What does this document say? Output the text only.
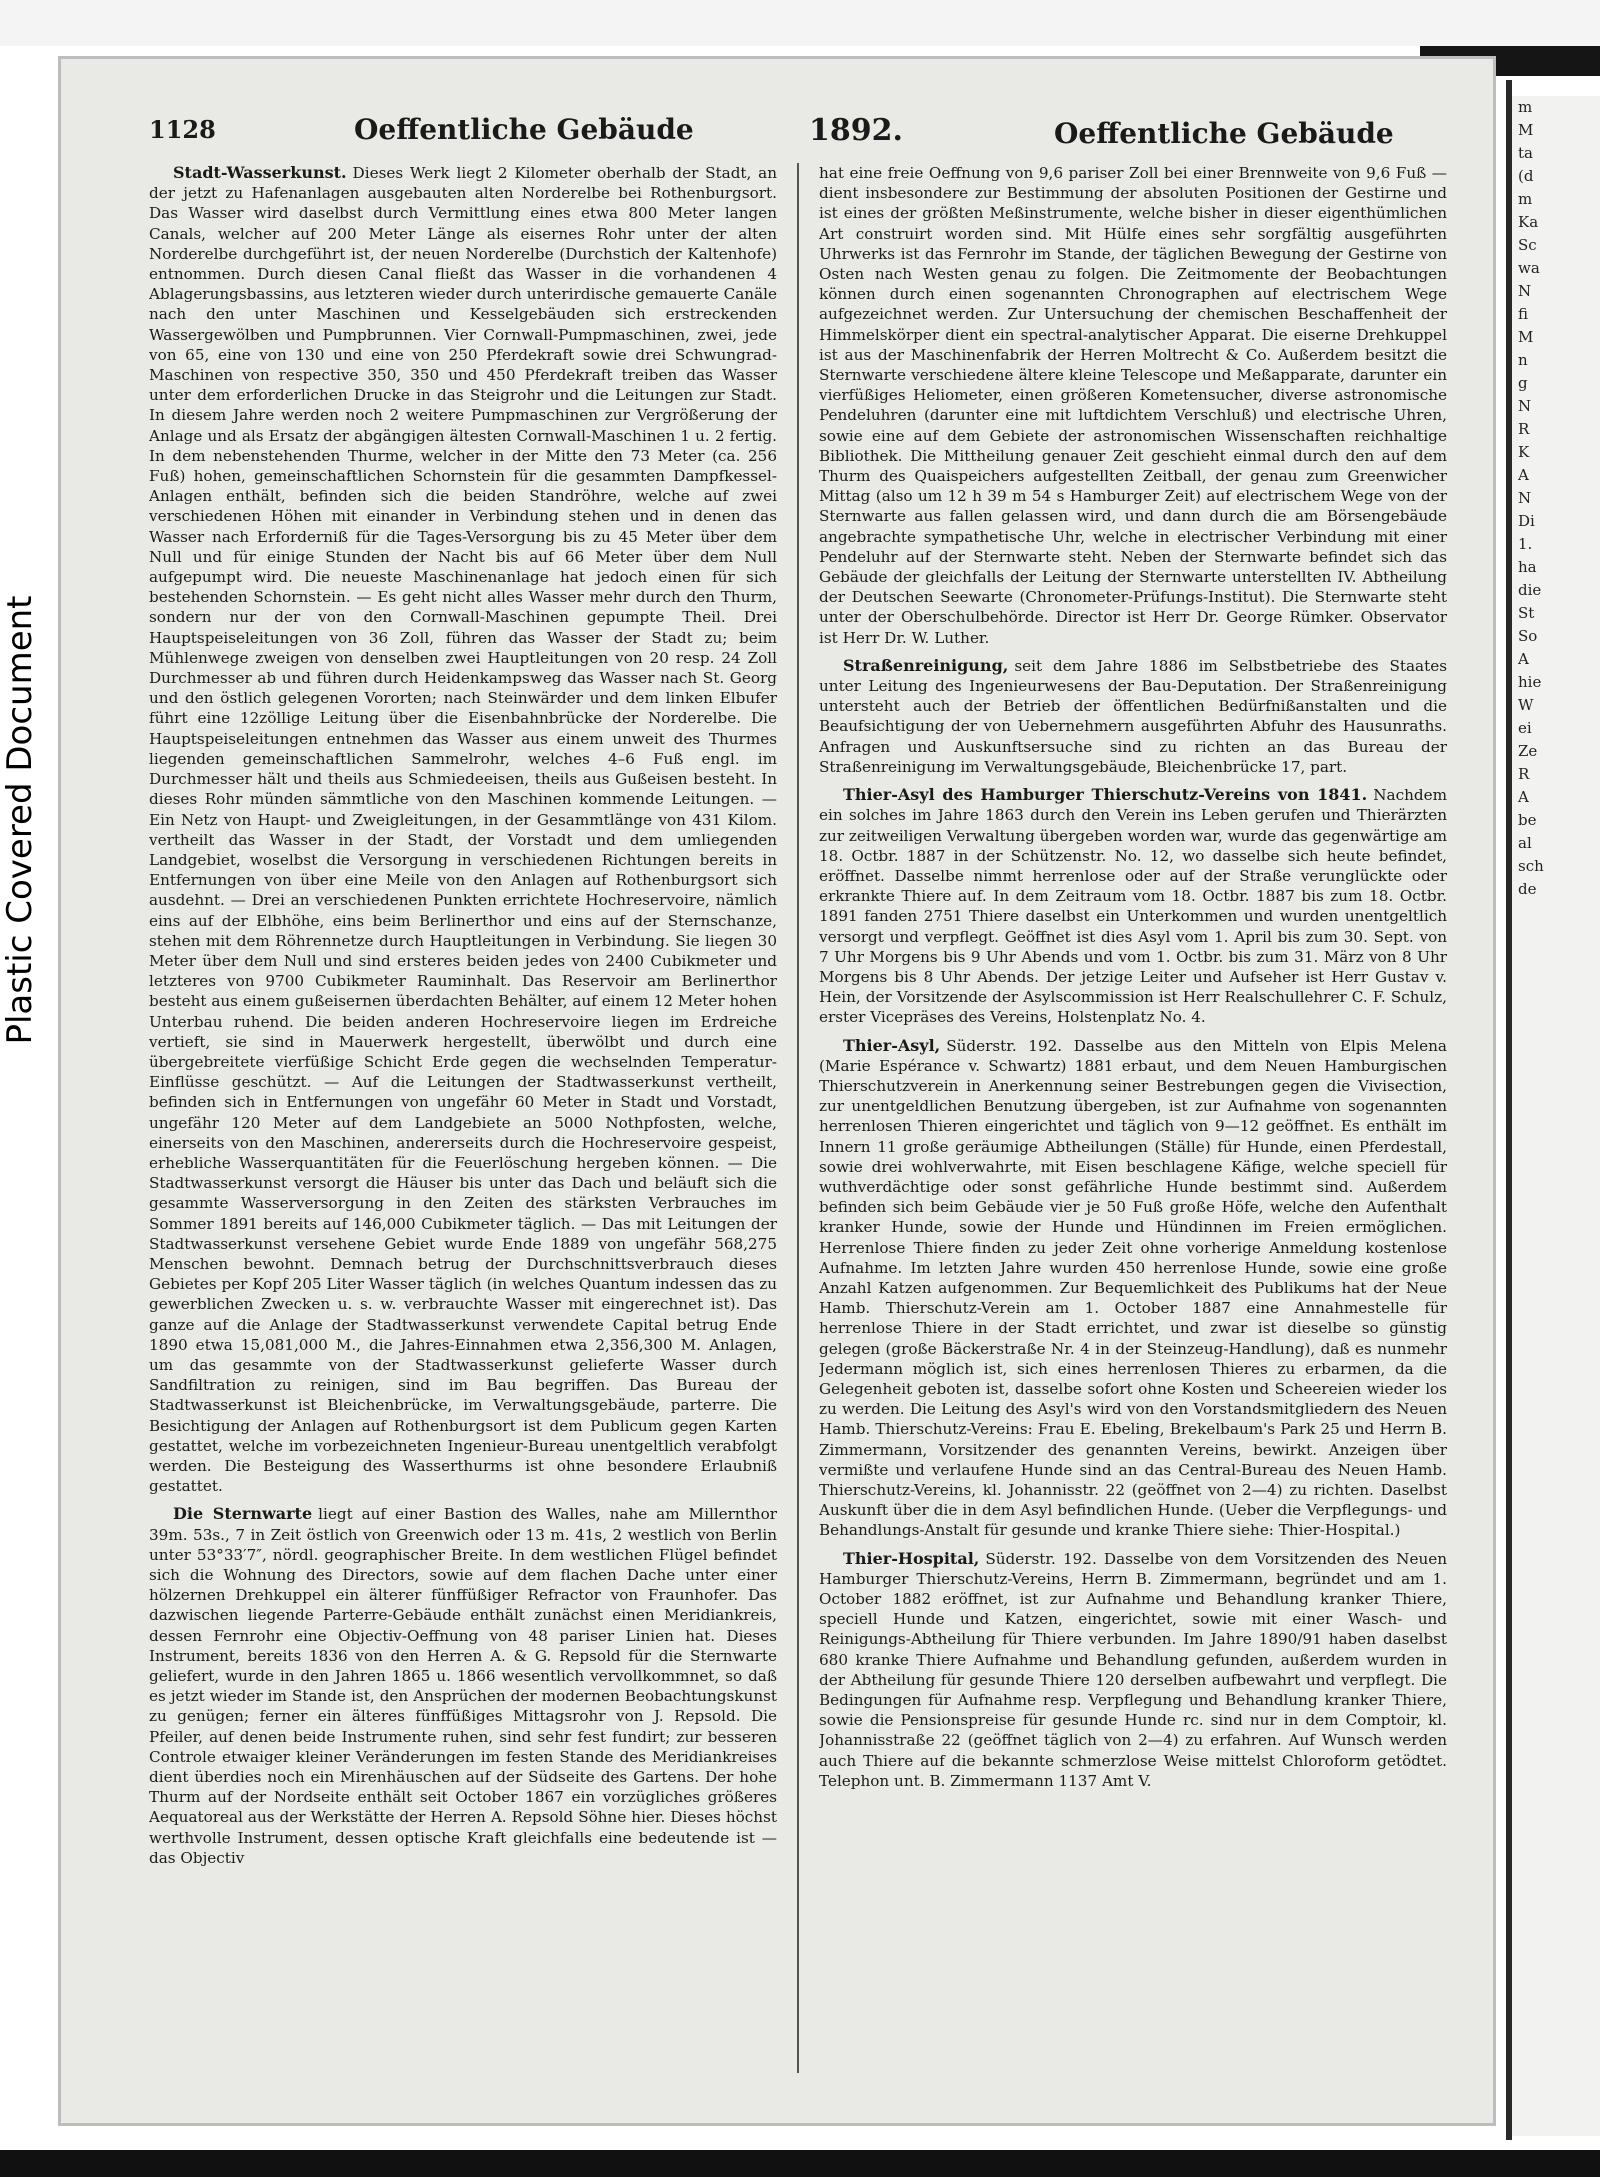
Plastic Covered Document
1128	Oeffentliche Gebäude	1892.	Oeffentliche Gebäude

Stadt-Wasserkunst. Dieses Werk liegt 2 Kilometer oberhalb der Stadt, an der jetzt zu Hafenanlagen ausgebauten alten Norderelbe bei Rothenburgsort. Das Wasser wird daselbst durch Vermittlung eines etwa 800 Meter langen Canals, welcher auf 200 Meter Länge als eisernes Rohr unter der alten Norderelbe durchgeführt ist, der neuen Norderelbe (Durchstich der Kaltenhofe) entnommen. Durch diesen Canal fließt das Wasser in die vorhandenen 4 Ablagerungsbassins, aus letzteren wieder durch unterirdische gemauerte Canäle nach den unter Maschinen und Kesselgebäuden sich erstreckenden Wassergewölben und Pumpbrunnen. Vier Cornwall-Pumpmaschinen, zwei, jede von 65, eine von 130 und eine von 250 Pferdekraft sowie drei Schwungrad-Maschinen von respective 350, 350 und 450 Pferdekraft treiben das Wasser unter dem erforderlichen Drucke in das Steigrohr und die Leitungen zur Stadt. In diesem Jahre werden noch 2 weitere Pumpmaschinen zur Vergrößerung der Anlage und als Ersatz der abgängigen ältesten Cornwall-Maschinen 1 u. 2 fertig. In dem nebenstehenden Thurme, welcher in der Mitte den 73 Meter (ca. 256 Fuß) hohen, gemeinschaftlichen Schornstein für die gesammten Dampfkessel-Anlagen enthält, befinden sich die beiden Standröhre, welche auf zwei verschiedenen Höhen mit einander in Verbindung stehen und in denen das Wasser nach Erforderniß für die Tages-Versorgung bis zu 45 Meter über dem Null und für einige Stunden der Nacht bis auf 66 Meter über dem Null aufgepumpt wird. Die neueste Maschinenanlage hat jedoch einen für sich bestehenden Schornstein. — Es geht nicht alles Wasser mehr durch den Thurm, sondern nur der von den Cornwall-Maschinen gepumpte Theil. Drei Hauptspeiseleitungen von 36 Zoll, führen das Wasser der Stadt zu; beim Mühlenwege zweigen von denselben zwei Hauptleitungen von 20 resp. 24 Zoll Durchmesser ab und führen durch Heidenkampsweg das Wasser nach St. Georg und den östlich gelegenen Vororten; nach Steinwärder und dem linken Elbufer führt eine 12zöllige Leitung über die Eisenbahnbrücke der Norderelbe. Die Hauptspeiseleitungen entnehmen das Wasser aus einem unweit des Thurmes liegenden gemeinschaftlichen Sammelrohr, welches 4–6 Fuß engl. im Durchmesser hält und theils aus Schmiedeeisen, theils aus Gußeisen besteht. In dieses Rohr münden sämmtliche von den Maschinen kommende Leitungen. — Ein Netz von Haupt- und Zweigleitungen, in der Gesammtlänge von 431 Kilom. vertheilt das Wasser in der Stadt, der Vorstadt und dem umliegenden Landgebiet, woselbst die Versorgung in verschiedenen Richtungen bereits in Entfernungen von über eine Meile von den Anlagen auf Rothenburgsort sich ausdehnt. — Drei an verschiedenen Punkten errichtete Hochreservoire, nämlich eins auf der Elbhöhe, eins beim Berlinerthor und eins auf der Sternschanze, stehen mit dem Röhrennetze durch Hauptleitungen in Verbindung. Sie liegen 30 Meter über dem Null und sind ersteres beiden jedes von 2400 Cubikmeter und letzteres von 9700 Cubikmeter Rauminhalt. Das Reservoir am Berlinerthor besteht aus einem gußeisernen überdachten Behälter, auf einem 12 Meter hohen Unterbau ruhend. Die beiden anderen Hochreservoire liegen im Erdreiche vertieft, sie sind in Mauerwerk hergestellt, überwölbt und durch eine übergebreitete vierfüßige Schicht Erde gegen die wechselnden Temperatur-Einflüsse geschützt. — Auf die Leitungen der Stadtwasserkunst vertheilt, befinden sich in Entfernungen von ungefähr 60 Meter in Stadt und Vorstadt, ungefähr 120 Meter auf dem Landgebiete an 5000 Nothpfosten, welche, einerseits von den Maschinen, andererseits durch die Hochreservoire gespeist, erhebliche Wasserquantitäten für die Feuerlöschung hergeben können. — Die Stadtwasserkunst versorgt die Häuser bis unter das Dach und beläuft sich die gesammte Wasserversorgung in den Zeiten des stärksten Verbrauches im Sommer 1891 bereits auf 146,000 Cubikmeter täglich. — Das mit Leitungen der Stadtwasserkunst versehene Gebiet wurde Ende 1889 von ungefähr 568,275 Menschen bewohnt. Demnach betrug der Durchschnittsverbrauch dieses Gebietes per Kopf 205 Liter Wasser täglich (in welches Quantum indessen das zu gewerblichen Zwecken u. s. w. verbrauchte Wasser mit eingerechnet ist). Das ganze auf die Anlage der Stadtwasserkunst verwendete Capital betrug Ende 1890 etwa 15,081,000 M., die Jahres-Einnahmen etwa 2,356,300 M. Anlagen, um das gesammte von der Stadtwasserkunst gelieferte Wasser durch Sandfiltration zu reinigen, sind im Bau begriffen. Das Bureau der Stadtwasserkunst ist Bleichenbrücke, im Verwaltungsgebäude, parterre. Die Besichtigung der Anlagen auf Rothenburgsort ist dem Publicum gegen Karten gestattet, welche im vorbezeichneten Ingenieur-Bureau unentgeltlich verabfolgt werden. Die Besteigung des Wasserthurms ist ohne besondere Erlaubniß gestattet.

Die Sternwarte liegt auf einer Bastion des Walles, nahe am Millernthor 39m. 53s., 7 in Zeit östlich von Greenwich oder 13 m. 41s, 2 westlich von Berlin unter 53°33′7″, nördl. geographischer Breite. In dem westlichen Flügel befindet sich die Wohnung des Directors, sowie auf dem flachen Dache unter einer hölzernen Drehkuppel ein älterer fünffüßiger Refractor von Fraunhofer. Das dazwischen liegende Parterre-Gebäude enthält zunächst einen Meridiankreis, dessen Fernrohr eine Objectiv-Oeffnung von 48 pariser Linien hat. Dieses Instrument, bereits 1836 von den Herren A. & G. Repsold für die Sternwarte geliefert, wurde in den Jahren 1865 u. 1866 wesentlich vervollkommnet, so daß es jetzt wieder im Stande ist, den Ansprüchen der modernen Beobachtungskunst zu genügen; ferner ein älteres fünffüßiges Mittagsrohr von J. Repsold. Die Pfeiler, auf denen beide Instrumente ruhen, sind sehr fest fundirt; zur besseren Controle etwaiger kleiner Veränderungen im festen Stande des Meridiankreises dient überdies noch ein Mirenhäuschen auf der Südseite des Gartens. Der hohe Thurm auf der Nordseite enthält seit October 1867 ein vorzügliches größeres Aequatoreal aus der Werkstätte der Herren A. Repsold Söhne hier. Dieses höchst werthvolle Instrument, dessen optische Kraft gleichfalls eine bedeutende ist — das Objectiv

hat eine freie Oeffnung von 9,6 pariser Zoll bei einer Brennweite von 9,6 Fuß — dient insbesondere zur Bestimmung der absoluten Positionen der Gestirne und ist eines der größten Meßinstrumente, welche bisher in dieser eigenthümlichen Art construirt worden sind. Mit Hülfe eines sehr sorgfältig ausgeführten Uhrwerks ist das Fernrohr im Stande, der täglichen Bewegung der Gestirne von Osten nach Westen genau zu folgen. Die Zeitmomente der Beobachtungen können durch einen sogenannten Chronographen auf electrischem Wege aufgezeichnet werden. Zur Untersuchung der chemischen Beschaffenheit der Himmelskörper dient ein spectral-analytischer Apparat. Die eiserne Drehkuppel ist aus der Maschinenfabrik der Herren Moltrecht & Co. Außerdem besitzt die Sternwarte verschiedene ältere kleine Telescope und Meßapparate, darunter ein vierfüßiges Heliometer, einen größeren Kometensucher, diverse astronomische Pendeluhren (darunter eine mit luftdichtem Verschluß) und electrische Uhren, sowie eine auf dem Gebiete der astronomischen Wissenschaften reichhaltige Bibliothek. Die Mittheilung genauer Zeit geschieht einmal durch den auf dem Thurm des Quaispeichers aufgestellten Zeitball, der genau zum Greenwicher Mittag (also um 12 h 39 m 54 s Hamburger Zeit) auf electrischem Wege von der Sternwarte aus fallen gelassen wird, und dann durch die am Börsengebäude angebrachte sympathetische Uhr, welche in electrischer Verbindung mit einer Pendeluhr auf der Sternwarte steht. Neben der Sternwarte befindet sich das Gebäude der gleichfalls der Leitung der Sternwarte unterstellten IV. Abtheilung der Deutschen Seewarte (Chronometer-Prüfungs-Institut). Die Sternwarte steht unter der Oberschulbehörde. Director ist Herr Dr. George Rümker. Observator ist Herr Dr. W. Luther.

Straßenreinigung, seit dem Jahre 1886 im Selbstbetriebe des Staates unter Leitung des Ingenieurwesens der Bau-Deputation. Der Straßenreinigung untersteht auch der Betrieb der öffentlichen Bedürfnißanstalten und die Beaufsichtigung der von Uebernehmern ausgeführten Abfuhr des Hausunraths. Anfragen und Auskunftsersuche sind zu richten an das Bureau der Straßenreinigung im Verwaltungsgebäude, Bleichenbrücke 17, part.

Thier-Asyl des Hamburger Thierschutz-Vereins von 1841. Nachdem ein solches im Jahre 1863 durch den Verein ins Leben gerufen und Thierärzten zur zeitweiligen Verwaltung übergeben worden war, wurde das gegenwärtige am 18. Octbr. 1887 in der Schützenstr. No. 12, wo dasselbe sich heute befindet, eröffnet. Dasselbe nimmt herrenlose oder auf der Straße verunglückte oder erkrankte Thiere auf. In dem Zeitraum vom 18. Octbr. 1887 bis zum 18. Octbr. 1891 fanden 2751 Thiere daselbst ein Unterkommen und wurden unentgeltlich versorgt und verpflegt. Geöffnet ist dies Asyl vom 1. April bis zum 30. Sept. von 7 Uhr Morgens bis 9 Uhr Abends und vom 1. Octbr. bis zum 31. März von 8 Uhr Morgens bis 8 Uhr Abends. Der jetzige Leiter und Aufseher ist Herr Gustav v. Hein, der Vorsitzende der Asylscommission ist Herr Realschullehrer C. F. Schulz, erster Vicepräses des Vereins, Holstenplatz No. 4.

Thier-Asyl, Süderstr. 192. Dasselbe aus den Mitteln von Elpis Melena (Marie Espérance v. Schwartz) 1881 erbaut, und dem Neuen Hamburgischen Thierschutzverein in Anerkennung seiner Bestrebungen gegen die Vivisection, zur unentgeldlichen Benutzung übergeben, ist zur Aufnahme von sogenannten herrenlosen Thieren eingerichtet und täglich von 9—12 geöffnet. Es enthält im Innern 11 große geräumige Abtheilungen (Ställe) für Hunde, einen Pferdestall, sowie drei wohlverwahrte, mit Eisen beschlagene Käfige, welche speciell für wuthverdächtige oder sonst gefährliche Hunde bestimmt sind. Außerdem befinden sich beim Gebäude vier je 50 Fuß große Höfe, welche den Aufenthalt kranker Hunde, sowie der Hunde und Hündinnen im Freien ermöglichen. Herrenlose Thiere finden zu jeder Zeit ohne vorherige Anmeldung kostenlose Aufnahme. Im letzten Jahre wurden 450 herrenlose Hunde, sowie eine große Anzahl Katzen aufgenommen. Zur Bequemlichkeit des Publikums hat der Neue Hamb. Thierschutz-Verein am 1. October 1887 eine Annahmestelle für herrenlose Thiere in der Stadt errichtet, und zwar ist dieselbe so günstig gelegen (große Bäckerstraße Nr. 4 in der Steinzeug-Handlung), daß es nunmehr Jedermann möglich ist, sich eines herrenlosen Thieres zu erbarmen, da die Gelegenheit geboten ist, dasselbe sofort ohne Kosten und Scheereien wieder los zu werden. Die Leitung des Asyl's wird von den Vorstandsmitgliedern des Neuen Hamb. Thierschutz-Vereins: Frau E. Ebeling, Brekelbaum's Park 25 und Herrn B. Zimmermann, Vorsitzender des genannten Vereins, bewirkt. Anzeigen über vermißte und verlaufene Hunde sind an das Central-Bureau des Neuen Hamb. Thierschutz-Vereins, kl. Johannisstr. 22 (geöffnet von 2—4) zu richten. Daselbst Auskunft über die in dem Asyl befindlichen Hunde. (Ueber die Verpflegungs- und Behandlungs-Anstalt für gesunde und kranke Thiere siehe: Thier-Hospital.)

Thier-Hospital, Süderstr. 192. Dasselbe von dem Vorsitzenden des Neuen Hamburger Thierschutz-Vereins, Herrn B. Zimmermann, begründet und am 1. October 1882 eröffnet, ist zur Aufnahme und Behandlung kranker Thiere, speciell Hunde und Katzen, eingerichtet, sowie mit einer Wasch- und Reinigungs-Abtheilung für Thiere verbunden. Im Jahre 1890/91 haben daselbst 680 kranke Thiere Aufnahme und Behandlung gefunden, außerdem wurden in der Abtheilung für gesunde Thiere 120 derselben aufbewahrt und verpflegt. Die Bedingungen für Aufnahme resp. Verpflegung und Behandlung kranker Thiere, sowie die Pensionspreise für gesunde Hunde rc. sind nur in dem Comptoir, kl. Johannisstraße 22 (geöffnet täglich von 2—4) zu erfahren. Auf Wunsch werden auch Thiere auf die bekannte schmerzlose Weise mittelst Chloroform getödtet. Telephon unt. B. Zimmermann 1137 Amt V.

m
M
ta
(d
m
Ka
Sc
wa
N
fi
M
n
g
N
R
K
A
N
Di
1.
ha
die
St
So
A
hie
W
ei
Ze
R
A
be
al
sch
de
